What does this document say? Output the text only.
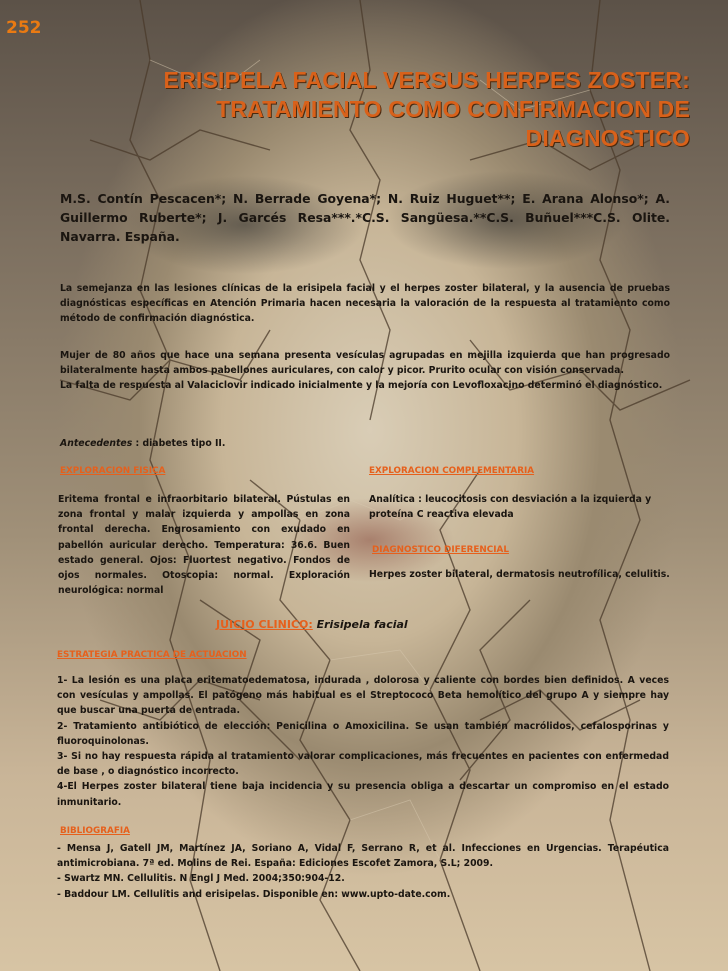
252
ERISIPELA FACIAL VERSUS HERPES ZOSTER: TRATAMIENTO COMO CONFIRMACION DE DIAGNOSTICO
M.S. Contín Pescacen*; N. Berrade Goyena*; N. Ruiz Huguet**; E. Arana Alonso*; A. Guillermo Ruberte*; J. Garcés Resa***.*C.S. Sangüesa.**C.S. Buñuel***C.S. Olite. Navarra. España.
La semejanza en las lesiones clínicas de la erisipela facial y el herpes zoster bilateral, y la ausencia de pruebas diagnósticas específicas en Atención Primaria hacen necesaria la valoración de la respuesta al tratamiento como método de confirmación diagnóstica.
Mujer de 80 años que hace una semana presenta vesículas agrupadas en mejilla izquierda que han progresado bilateralmente hasta ambos pabellones auriculares, con calor y picor. Prurito ocular con visión conservada.
La falta de respuesta al Valaciclovir indicado inicialmente y la mejoría con Levofloxacino determinó el diagnóstico.
Antecedentes : diabetes tipo II.
EXPLORACION FISICA
Eritema frontal e infraorbitario bilateral. Pústulas en zona frontal y malar izquierda y ampollas en zona frontal derecha. Engrosamiento con exudado en pabellón auricular derecho. Temperatura: 36.6. Buen estado general. Ojos: Fluortest negativo. Fondos de ojos normales. Otoscopia: normal. Exploración neurológica: normal
EXPLORACION COMPLEMENTARIA
Analítica : leucocitosis con desviación a la izquierda y proteína C reactiva elevada
DIAGNOSTICO DIFERENCIAL
Herpes zoster bilateral, dermatosis neutrofílica, celulitis.
JUICIO CLINICO: Erisipela facial
ESTRATEGIA PRACTICA DE ACTUACION

1- La lesión es una placa eritematoedematosa, indurada , dolorosa y caliente con bordes bien definidos. A veces con vesículas y ampollas. El patógeno más habitual es el Streptococo Beta hemolítico del grupo A y siempre hay que buscar una puerta de entrada.

2- Tratamiento antibiótico de elección: Penicilina o Amoxicilina. Se usan también macrólidos, cefalosporinas y fluoroquinolonas.

3- Si no hay respuesta rápida al tratamiento valorar complicaciones, más frecuentes en pacientes con enfermedad de base , o diagnóstico incorrecto.

4-El Herpes zoster bilateral tiene baja incidencia y su presencia obliga a descartar un compromiso en el estado inmunitario.

BIBLIOGRAFIA

- Mensa J, Gatell JM, Martínez JA, Soriano A, Vidal F, Serrano R, et al. Infecciones en Urgencias. Terapéutica antimicrobiana. 7ª ed. Molins de Rei. España: Ediciones Escofet Zamora, S.L; 2009.

- Swartz MN. Cellulitis. N Engl J Med. 2004;350:904-12.

- Baddour LM. Cellulitis and erisipelas. Disponible en: www.upto-date.com.
